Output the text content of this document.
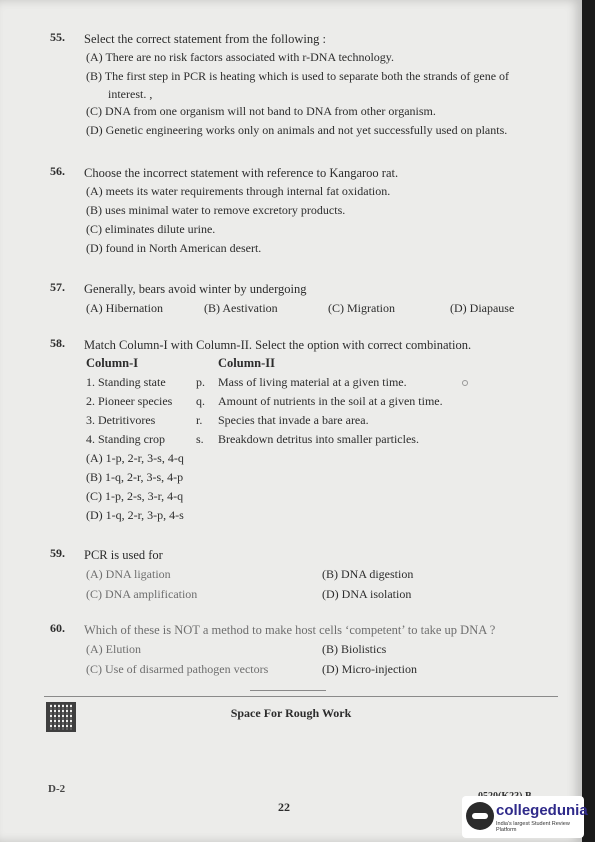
55.	Select the correct statement from the following :
(A) There are no risk factors associated with r-DNA technology.
(B) The first step in PCR is heating which is used to separate both the strands of gene of
interest. ,
(C) DNA from one organism will not band to DNA from other organism.
(D) Genetic engineering works only on animals and not yet successfully used on plants.
56.	Choose the incorrect statement with reference to Kangaroo rat.
(A) meets its water requirements through internal fat oxidation.
(B) uses minimal water to remove excretory products.
(C) eliminates dilute urine.
(D) found in North American desert.
57.	Generally, bears avoid winter by undergoing
(A) Hibernation	(B) Aestivation	(C) Migration	(D) Diapause
58.	Match Column-I with Column-II. Select the option with correct combination.
Column-I	Column-II
1. Standing state	p.	Mass of living material at a given time.
2. Pioneer species	q.	Amount of nutrients in the soil at a given time.
3. Detritivores	r.	Species that invade a bare area.
4. Standing crop	s.	Breakdown detritus into smaller particles.
(A) 1-p, 2-r, 3-s, 4-q
(B) 1-q, 2-r, 3-s, 4-p
(C) 1-p, 2-s, 3-r, 4-q
(D) 1-q, 2-r, 3-p, 4-s
59.	PCR is used for
(A) DNA ligation	(B) DNA digestion
(C) DNA amplification	(D) DNA isolation
60.	Which of these is NOT a method to make host cells ‘competent’ to take up DNA ?
(A) Elution	(B) Biolistics
(C) Use of disarmed pathogen vectors	(D) Micro-injection
Space For Rough Work
D-2
22	collegedunia
India's largest Student Review Platform
